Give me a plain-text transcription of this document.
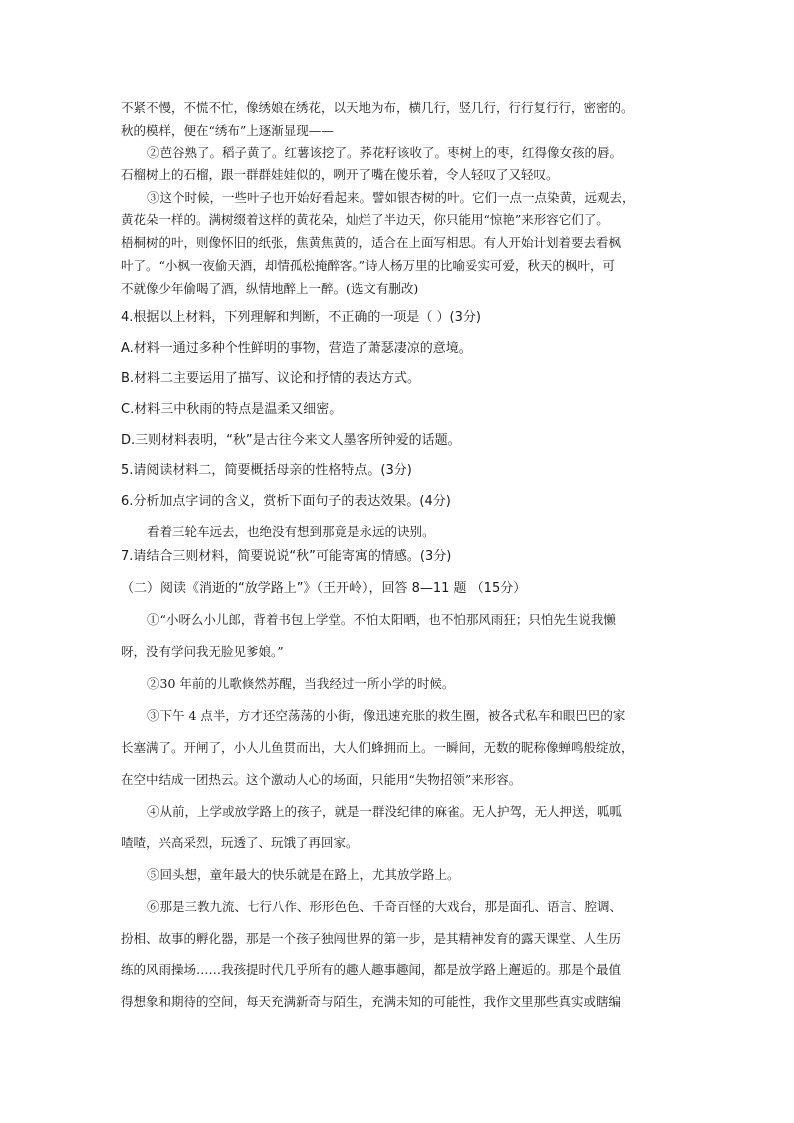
不紧不慢，不慌不忙，像绣娘在绣花，以天地为布，横几行，竖几行，行行复行行，密密的。
秋的模样，便在“绣布”上逐渐显现——
②芭谷熟了。稻子黄了。红薯该挖了。荞花籽该收了。枣树上的枣，红得像女孩的唇。
石榴树上的石榴，跟一群群娃娃似的，咧开了嘴在傻乐着，令人轻叹了又轻叹。
③这个时候，一些叶子也开始好看起来。譬如银杏树的叶。它们一点一点染黄，远观去，
黄花朵一样的。满树缀着这样的黄花朵，灿烂了半边天，你只能用“惊艳”来形容它们了。
梧桐树的叶，则像怀旧的纸张，焦黄焦黄的，适合在上面写相思。有人开始计划着要去看枫
叶了。“小枫一夜偷天酒，却情孤松掩醉客。”诗人杨万里的比喻妥实可爱，秋天的枫叶，可
不就像少年偷喝了酒，纵情地醉上一醉。(选文有删改)
4.根据以上材料，下列理解和判断，不正确的一项是（ ）(3分)
A.材料一通过多种个性鲜明的事物，营造了萧瑟凄凉的意境。
B.材料二主要运用了描写、议论和抒情的表达方式。
C.材料三中秋雨的特点是温柔又细密。
D.三则材料表明，“秋”是古往今来文人墨客所钟爱的话题。
5.请阅读材料二，简要概括母亲的性格特点。(3分)
6.分析加点字词的含义，赏析下面句子的表达效果。(4分)
看着三轮车远去，也绝没有想到那竟是永远的诀别。
7.请结合三则材料，简要说说“秋”可能寄寓的情感。(3分)
（二）阅读《消逝的“放学路上”》（王开岭），回答 8—11 题 （15分）
①“小呀么小儿郎，背着书包上学堂。不怕太阳晒，也不怕那风雨狂；只怕先生说我懒
呀，没有学问我无脸见爹娘。”
②30 年前的儿歌倏然苏醒，当我经过一所小学的时候。
③下午 4 点半，方才还空荡荡的小街，像迅速充胀的救生圈，被各式私车和眼巴巴的家
长塞满了。开闸了，小人儿鱼贯而出，大人们蜂拥而上。一瞬间，无数的昵称像蝉鸣般绽放，
在空中结成一团热云。这个激动人心的场面，只能用“失物招领”来形容。
④从前，上学或放学路上的孩子，就是一群没纪律的麻雀。无人护驾，无人押送，呱呱
喳喳，兴高采烈，玩透了、玩饿了再回家。
⑤回头想，童年最大的快乐就是在路上，尤其放学路上。
⑥那是三教九流、七行八作、形形色色、千奇百怪的大戏台，那是面孔、语言、腔调、
扮相、故事的孵化器，那是一个孩子独闯世界的第一步，是其精神发育的露天课堂、人生历
练的风雨操场……我孩提时代几乎所有的趣人趣事趣闻，都是放学路上邂逅的。那是个最值
得想象和期待的空间，每天充满新奇与陌生，充满未知的可能性，我作文里那些真实或瞎编
